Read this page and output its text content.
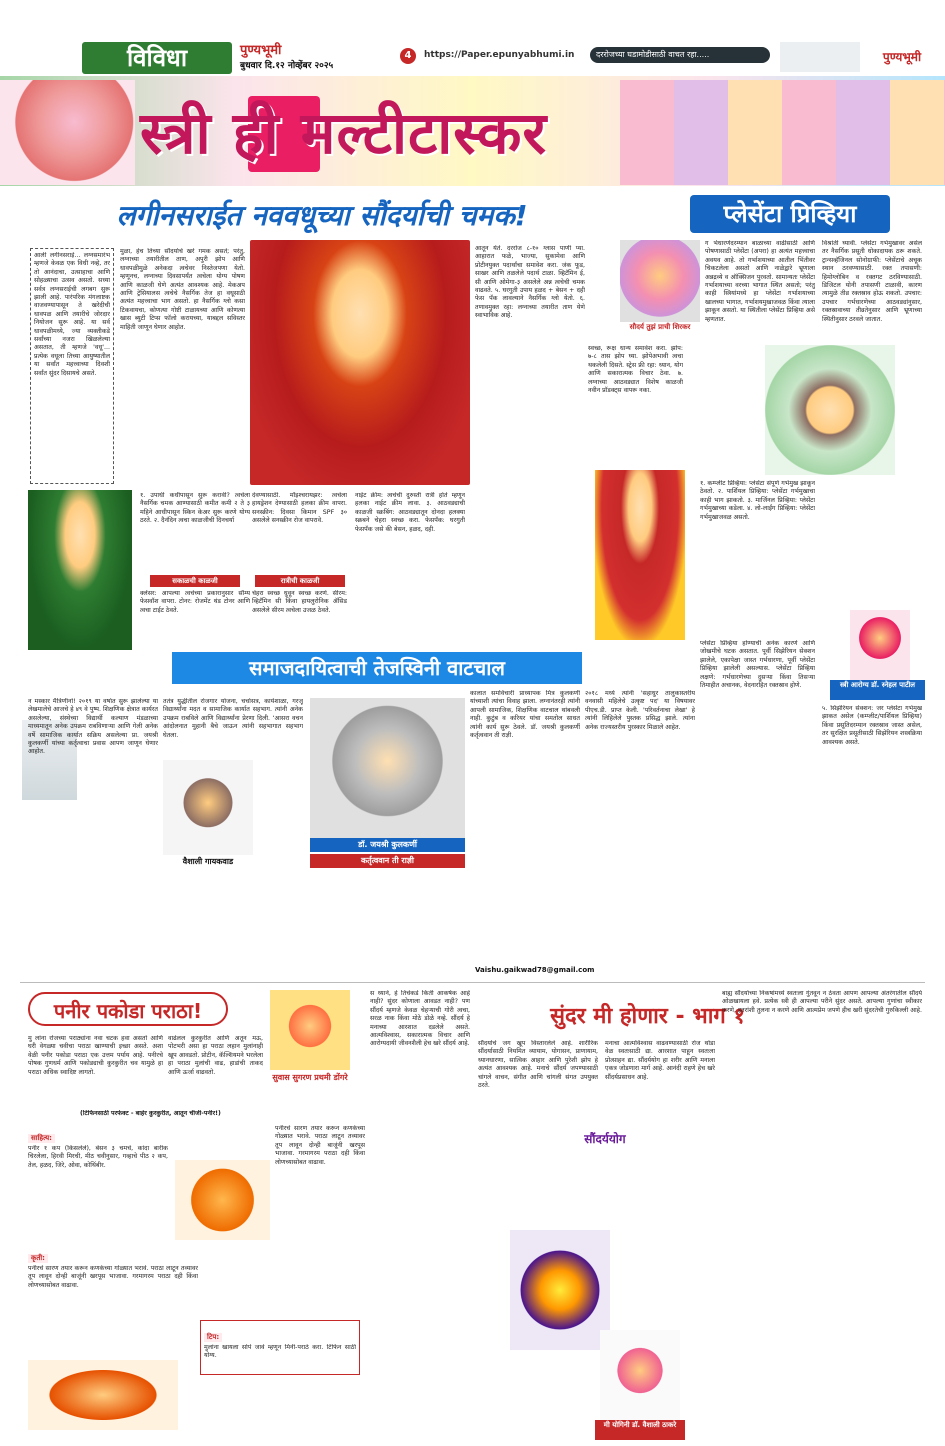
विविधा	पुण्यभूमी
बुधवार दि.१२ नोव्हेंबर २०२५
4	https://Paper.epunyabhumi.in	दररोजच्या घडामोडीसाठी वाचत रहा.....	पुण्यभूमी
स्त्री ही मल्टीटास्कर
लगीनसराईत नववधूच्या सौंदर्याची चमक!
आली लगीनसराई... लग्नसमारंभ म्हणजे केवळ एक विधी नव्हे, तर तो आनंदाचा, उत्साहाचा आणि सोहळ्याचा उत्सव असतो. सध्या सर्वत्र लग्नसराईची लगबग सुरू झाली आहे. पारंपरिक मंगलाष्टक वाजवण्यापासून ते खरेदीची धावपळ आणि तयारीचे जोरदार नियोजन सुरू आहे. या सर्व धावपळीमध्ये, ज्या व्यक्तीकडे सर्वांच्या नजरा खिळलेल्या असतात, ती म्हणजे 'वधू'... प्रत्येक वधूला तिच्या आयुष्यातील या सर्वांत महत्त्वाच्या दिवशी सर्वांत सुंदर दिसायचे असते.
मुळा, हेच तिच्या सौंदर्याचे खरे गमक असते; परंतु, लग्नाच्या तयारीतील ताण, अपुरी झोप आणि धावपळीमुळे अनेकदा त्वचेवर निस्तेजपणा येतो. म्हणूनच, लग्नाच्या दिवसापर्यंत त्वचेला योग्य पोषण आणि काळजी घेणे अत्यंत आवश्यक आहे. मेकअप आणि ट्रेसियालस त्वचेचे नैसर्गिक तेज हा वधूसाठी अत्यंत महत्त्वाचा भाग असतो. हा नैसर्गिक ग्लो कसा टिकवायचा, कोणत्या गोष्टी टाळायच्या आणि कोणत्या खास ब्युटी टिप्स फॉलो करायच्या, याबद्दल सविस्तर माहिती जाणून घेणार आहोत.
आतून येते. दररोज ८-१० ग्लास पाणी प्या. आहारात फळे, भाज्या, सुकामेवा आणि प्रोटीनयुक्त पदार्थांचा समावेश करा. जंक फूड, साखर आणि तळलेले पदार्थ टाळा. व्हिटॅमिन ई, सी आणि ओमेगा-३ असलेले अन्न त्वचेची चमक वाढवते. ५. घरगुती उपाय हळद + बेसन + दही फेस पॅक लावल्याने नैसर्गिक ग्लो येतो. ६. तणावमुक्त रहा: लग्नाच्या तयारीत ताण येणे स्वाभाविक आहे.
१. उपाधी कधीपासून सुरू करावी? त्वचेला नैसर्गिक चमक आण्यासाठी कमीत कमी २ ते ३ महिने आधीपासून स्किन केअर सुरू करणे योग्य ठरते. २. दैनंदिन त्वचा काळजीची दिनचर्या
देवण्यासाठी. मॉइश्चरायझर: त्वचेला हायड्रेशन देण्यासाठी हलका क्रीम वापरा. सनस्क्रीन: दिवसा किमान SPF ३० असलेले सनस्क्रीन रोज वापरावे.
नाईट क्रीम: त्वचेची दुरुस्ती रात्री होते म्हणून हलका नाईट क्रीम लावा. ३. आठवड्याची काळजी स्क्रबिंग: आठवड्यातून दोनदा हलक्या स्क्रबने चेहरा स्वच्छ करा. फेसपॅक: घरगुती फेसपॅक जसे की बेसन, हळद, दही.
सकाळची काळजी	रात्रीची काळजी
क्लेंसर: आपल्या त्वचेच्या प्रकारानुसार सौम्य फेसवॉश वापरा. टोनर: रोजमेंट थंड टोनर आणि त्वचा टाईट ठेवते.
चेहरा स्वच्छ धुवून स्वच्छ करणे. सीरम: व्हिटॅमिन सी किंवा हायलुरोनिक ॲसिड असलेले सीरम त्वचेला उजळ ठेवते.
प्लेसेंटा प्रिव्हिया
सौदर्य तुझं प्राची शिरकर
स्वच्छ, रूक्ष धान्य समावेश करा. झोप: ७-८ तास झोप घ्या. झोपेअभावी त्वचा थकलेली दिसते. स्ट्रेस फ्री रहा: ध्यान, योग आणि सकारात्मक विचार ठेवा. ७. लग्नाच्या आठवड्यात विशेष काळजी नवीन प्रॉडक्ट्स वापरू नका.
ग र्भधारणेदरम्यान बाळाच्या वाढीसाठी आणि पोषणासाठी प्लेसेंटा (अपरा) हा अत्यंत महत्त्वाचा अवयव आहे. तो गर्भाशयाच्या आतील भिंतीवर चिकटलेला असतो आणि नाळेद्वारे भ्रूणाला अन्नद्रव्ये व ऑक्सिजन पुरवतो. सामान्यतः प्लेसेंटा गर्भाशयाच्या वरच्या भागात स्थित असतो; परंतु काही स्त्रियांमध्ये हा प्लेसेंटा गर्भाशयाच्या खालच्या भागात, गर्भाशयमुखाजवळ किंवा त्याला झाकून असतो. या स्थितीला प्लेसेंटा प्रिव्हिया असे म्हणतात.
विश्रांती घ्यावी. प्लेसेंटा गर्भमुखावर असेल तर नैसर्गिक प्रसूती धोकादायक ठरू शकते. ट्रान्सव्हॅजिनल सोनोग्राफी: प्लेसेंटाचे अचूक स्थान ठरवण्यासाठी. रक्त तपासणी: हिमोग्लोबिन व रक्तगट ठरविण्यासाठी. डिजिटल योनी तपासणी टाळावी, कारण त्यामुळे तीव्र रक्तस्राव होऊ शकतो. उपचार: उपचार गर्भधारणेच्या आठवड्यांनुसार, रक्तस्रावाच्या तीव्रतेनुसार आणि भ्रूणाच्या स्थितीनुसार ठरवले जातात.
१. कम्प्लीट प्रिव्हिया: प्लेसेंटा संपूर्ण गर्भमुख झाकून ठेवतो. २. पार्शियल प्रिव्हिया: प्लेसेंटा गर्भमुखाचा काही भाग झाकतो. ३. मार्जिनल प्रिव्हिया: प्लेसेंटा गर्भमुखाच्या कडेला. ४. लो-लाईंग प्रिव्हिया: प्लेसेंटा गर्भमुखाजवळ असतो.
स्त्री आरोग्य डॉ. स्नेहल पाटील
प्लेसेंटा प्रिव्हिया होण्याची अनेक कारणे आणि जोखमीचे घटक असतात. पूर्वी सिझेरियन सेक्शन झालेले, एकापेक्षा जास्त गर्भधारणा, पूर्वी प्लेसेंटा प्रिव्हिया झालेली असल्यास. प्लेसेंटा प्रिव्हिया लक्षणे: गर्भधारणेच्या दुसऱ्या किंवा तिसऱ्या तिमाहीत अचानक, वेदनारहित रक्तस्राव होणे.
५. सिझेरियन सेक्शन: जर प्लेसेंटा गर्भमुख झाकत असेल (कम्प्लीट/पार्शियल प्रिव्हिया) किंवा प्रसूतिदरम्यान रक्तस्राव जास्त असेल, तर सुरक्षित प्रसूतीसाठी सिझेरियन शस्त्रक्रिया आवश्यक असते.
समाजदायित्वाची तेजस्विनी वाटचाल
न मस्कार मैत्रिणींनो! २०१९ या वर्षात सुरू झालेल्या या लेखमालेचे आजचे हे ४९ वे पुष्प. शिक्षणिक क्षेत्रात कार्यरत असलेल्या, संस्थेच्या विद्यार्थी कल्याण मंडळाच्या माध्यमातून अनेक उपक्रम राबविणाऱ्या आणि गेली अनेक वर्षे सामाजिक कार्यात सक्रिय असलेल्या प्रा. जयश्री कुलकर्णी यांच्या कर्तृत्वाचा प्रवास आपण जाणून घेणार आहोत.
ततंत्र युद्धीतील रोजगार योजना, चर्चासत्र, कार्यशाळा, गरजू विद्यार्थ्यांना मदत व सामाजिक कार्यात सहभाग. त्यांनी अनेक उपक्रम राबविले आणि विद्यार्थ्यांना प्रेरणा दिली. ‘आसरा वचन आंदोलनात मुहानी बैचे जाऊन त्यांनी सहभागात सहभाग घेतला.
वैशाली गायकवाड
डॉ. जयश्री कुलकर्णी
कर्तृत्ववान ती राज्ञी
कालात समविचारी प्राध्यापक मित्र कुलकर्णी यांच्याशी त्यांचा विवाह झाला. लग्नानंतरही त्यांनी आपली सामाजिक, शिक्षणिक वाटचाल थांबवली नाही. कुटुंब व करियर यांचा समतोल साधत त्यांनी कार्य सुरू ठेवले. डॉ. जयश्री कुलकर्णी कर्तृत्ववान ती राज्ञी.
२०१८ मध्ये त्यांनी 'सहाधुर तालुकास्तरीय वनवासी महिलेचे उत्कृष्ट पद' या विषयावर पीएच.डी. प्राप्त केली. 'परिवर्तनाचा लेखा' हे त्यांनी लिहिलेले पुस्तक प्रसिद्ध झाले. त्यांना अनेक राज्यस्तरीय पुरस्कार मिळाले आहेत.
Vaishu.gaikwad78@gmail.com
पनीर पकोडा पराठा!
सुवास सुगरण प्रथमी डोंगरे
मु लांना रोजच्या पराठ्यांना नवा चटक हवा असतो आणि घरी वेगळ्या चवीचा पराठा खाण्याची इच्छा असते. अशा वेळी पनीर पकोडा पराठा एक उत्तम पर्याय आहे. पनीरचे पोषक गुणधर्म आणि पकोड्याची कुरकुरीत चव यामुळे हा पराठा अधिक स्वादिष्ट लागतो.
वाढेलल कुरकुरीत आणि अतून मऊ, पोटभरी असा हा पराठा लहान मुलांनाही खूप आवडतो. प्रोटीन, कॅल्शियमने भरलेला हा पराठा मुलांची वाढ, हाडांची ताकद आणि ऊर्जा वाढवतो.
(टिफिनसाठी परफेक्ट - बाहेर कुरकुरीत, आतून चीजी-पनीर!)
साहित्य:
पनीर १ कप (किसलेले), बेसन ३ चमचे, कांदा बारीक चिरलेला, हिरवी मिरची, मीठ चवीनुसार, गव्हाचे पीठ २ कप, तेल, हळद, जिरे, ओवा, कोथिंबीर.
पनीरचे सारण तयार करून कणकेच्या गोळ्यात भरावे. पराठा लाटून तव्यावर तूप लावून दोन्ही बाजूंनी खरपूस भाजावा. गरमागरम पराठा दही किंवा लोणच्यासोबत वाढावा.
कृती:
पनीरचे सारण तयार करून कणकेच्या गोळ्यात भरावे. पराठा लाटून तव्यावर तूप लावून दोन्ही बाजूंनी खरपूस भाजावा. गरमागरम पराठा दही किंवा लोणच्यासोबत वाढावा.
टिप:
मुलांना खायला सोपे जावे म्हणून मिनी-पराठे करा. टिफिन साठी योग्य.
सुंदर मी होणार - भाग १
स ध्याने, हे तिचेकडे किती आकर्षक आहे नाही? सुंदर कोणाला आवडत नाही? पण सौंदर्य म्हणजे केवळ चेहऱ्याची गोरी त्वचा, सरळ नाक किंवा मोठे डोळे नव्हे. सौंदर्य हे मनाच्या आरशात दडलेले असते. आत्मविश्वास, सकारात्मक विचार आणि आरोग्यदायी जीवनशैली हेच खरे सौंदर्य आहे. सौंदर्याचे जग खूप विस्तारलेले आहे. शारीरिक सौंदर्यासाठी नियमित व्यायाम, योगासन, प्राणायाम, ध्यानधारणा, सात्विक आहार आणि पुरेशी झोप हे अत्यंत आवश्यक आहे. मनाचे सौंदर्य जपण्यासाठी चांगले वाचन, संगीत आणि चांगली संगत उपयुक्त ठरते.
सौंदर्ययोग
मनाचा आत्मविश्वास वाढवण्यासाठी रोज थोडा वेळ स्वतःसाठी द्या. आरशात पाहून स्वतःला प्रोत्साहन द्या. सौंदर्ययोग हा शरीर आणि मनाला एकत्र जोडणारा मार्ग आहे. आनंदी राहणे हेच खरे सौंदर्यप्रसाधन आहे.
मी योगिनी डॉ. वैशाली ठाकरे
बाह्य सौंदर्याच्या निकषांमध्ये स्वतःला गुंतवून न ठेवता आपण आपल्या अंतरंगातील सौंदर्य ओळखायला हवे. प्रत्येक स्त्री ही आपल्या परीने सुंदर असते. आपल्या गुणांचा स्वीकार करणे, इतरांशी तुलना न करणे आणि आत्मप्रेम जपणे हीच खरी सुंदरतेची गुरुकिल्ली आहे.
